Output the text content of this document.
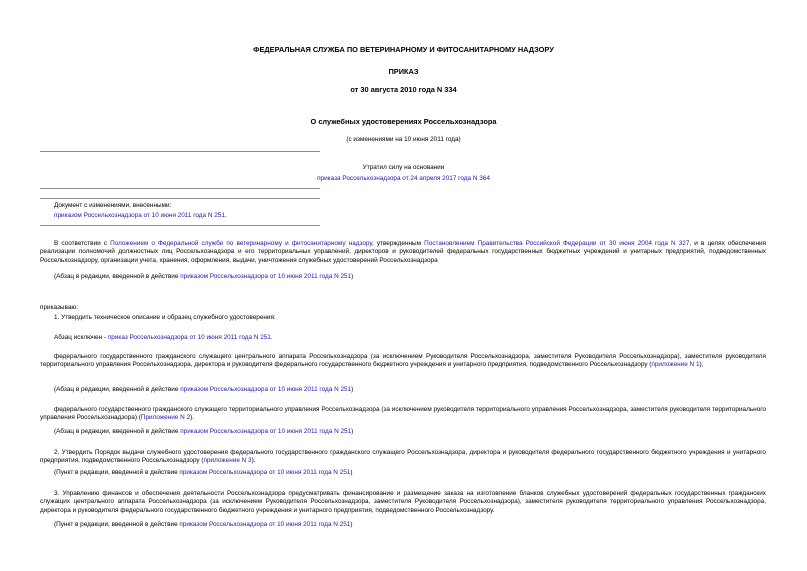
ФЕДЕРАЛЬНАЯ СЛУЖБА ПО ВЕТЕРИНАРНОМУ И ФИТОСАНИТАРНОМУ НАДЗОРУ
ПРИКАЗ
от 30 августа 2010 года N 334
О служебных удостоверениях Россельхознадзора
(с изменениями на 10 июня 2011 года)
Утратил силу на основании
приказа Россельхознадзора от 24 апреля 2017 года N 364
Документ с изменениями, внесенными:
приказом Россельхознадзора от 10 июня 2011 года N 251.
В соответствии с Положением о Федеральной службе по ветеринарному и фитосанитарному надзору, утвержденным Постановлением Правительства Российской Федерации от 30 июня 2004 года N 327, и в целях обеспечения реализации полномочий должностных лиц Россельхознадзора и его территориальных управлений, директоров и руководителей федеральных государственных бюджетных учреждений и унитарных предприятий, подведомственных Россельхознадзору, организации учета, хранения, оформления, выдачи, уничтожения служебных удостоверений Россельхознадзора
(Абзац в редакции, введенной в действие приказом Россельхознадзора от 10 июня 2011 года N 251)
приказываю:
1. Утвердить техническое описание и образец служебного удостоверения:
Абзац исключен - приказ Россельхознадзора от 10 июня 2011 года N 251.
федерального государственного гражданского служащего центрального аппарата Россельхознадзора (за исключением Руководителя Россельхознадзора, заместителя Руководителя Россельхознадзора), заместителя руководителя территориального управления Россельхознадзора, директора и руководителя федерального государственного бюджетного учреждения и унитарного предприятия, подведомственного Россельхознадзору (приложение N 1);
(Абзац в редакции, введенной в действие приказом Россельхознадзора от 10 июня 2011 года N 251)
федерального государственного гражданского служащего территориального управления Россельхознадзора (за исключением руководителя территориального управления Россельхознадзора, заместителя руководителя территориального управления Россельхознадзора) (Приложение N 2).
(Абзац в редакции, введенной в действие приказом Россельхознадзора от 10 июня 2011 года N 251)
2. Утвердить Порядок выдачи служебного удостоверения федерального государственного гражданского служащего Россельхознадзора, директора и руководителя федерального государственного бюджетного учреждения и унитарного предприятия, подведомственного Россельхознадзору (приложение N 3).
(Пункт в редакции, введенной в действие приказом Россельхознадзора от 10 июня 2011 года N 251)
3. Управлению финансов и обеспечения деятельности Россельхознадзора предусматривать финансирование и размещение заказа на изготовление бланков служебных удостоверений федеральных государственных гражданских служащих центрального аппарата Россельхознадзора (за исключением Руководителя Россельхознадзора, заместителя Руководителя Россельхознадзора), заместителя руководителя территориального управления Россельхознадзора, директора и руководителя федерального государственного бюджетного учреждения и унитарного предприятия, подведомственного Россельхознадзору.
(Пункт в редакции, введенной в действие приказом Россельхознадзора от 10 июня 2011 года N 251)
